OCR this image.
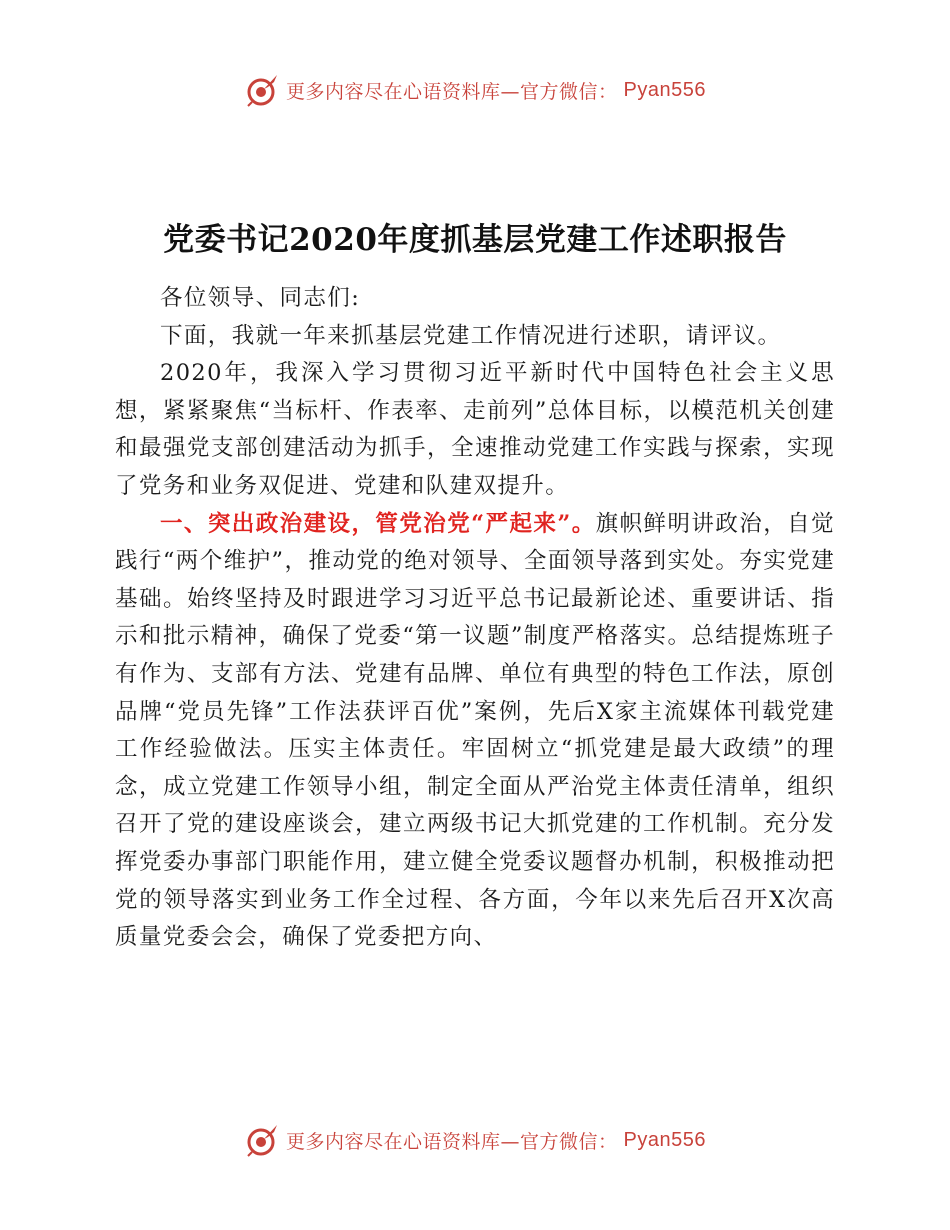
更多内容尽在心语资料库—官方微信： Pyan556
党委书记2020年度抓基层党建工作述职报告

各位领导、同志们:

下面，我就一年来抓基层党建工作情况进行述职，请评议。

2020年，我深入学习贯彻习近平新时代中国特色社会主义思想，紧紧聚焦“当标杆、作表率、走前列”总体目标，以模范机关创建和最强党支部创建活动为抓手，全速推动党建工作实践与探索，实现了党务和业务双促进、党建和队建双提升。

一、突出政治建设，管党治党“严起来”。旗帜鲜明讲政治，自觉践行“两个维护”，推动党的绝对领导、全面领导落到实处。夯实党建基础。始终坚持及时跟进学习习近平总书记最新论述、重要讲话、指示和批示精神，确保了党委“第一议题”制度严格落实。总结提炼班子有作为、支部有方法、党建有品牌、单位有典型的特色工作法，原创品牌“党员先锋”工作法获评百优”案例，先后X家主流媒体刊载党建工作经验做法。压实主体责任。牢固树立“抓党建是最大政绩”的理念，成立党建工作领导小组，制定全面从严治党主体责任清单，组织召开了党的建设座谈会，建立两级书记大抓党建的工作机制。充分发挥党委办事部门职能作用，建立健全党委议题督办机制，积极推动把党的领导落实到业务工作全过程、各方面，今年以来先后召开X次高质量党委会会，确保了党委把方向、

更多内容尽在心语资料库—官方微信： Pyan556
